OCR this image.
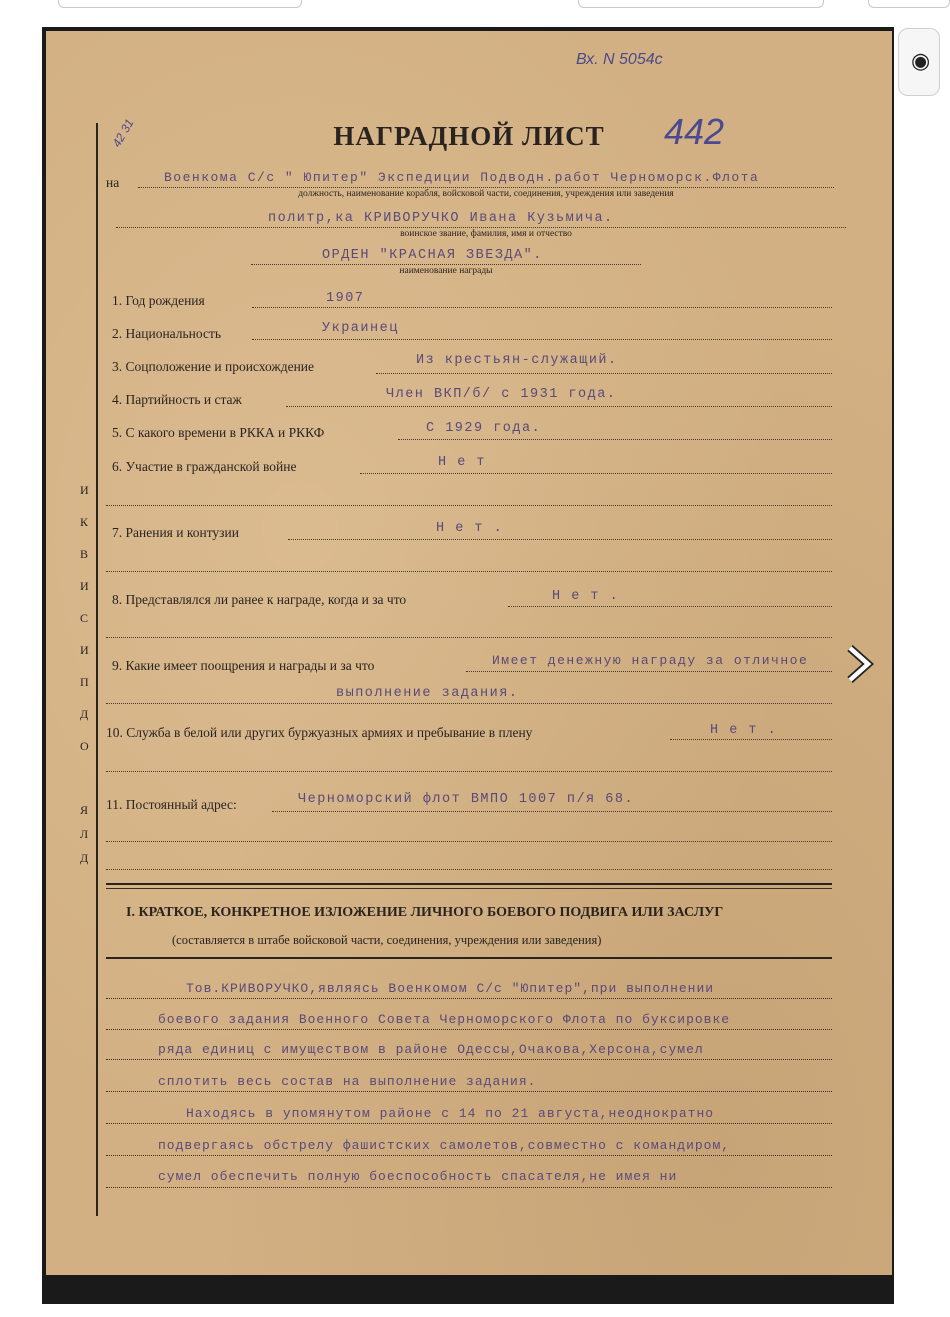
Вх. N 5054с
442
42 31
И
К
В
И
С
И
П
Д
О
Я
Л
Д
НАГРАДНОЙ ЛИСТ
на	Военкома С/с " Юпитер" Экспедиции Подводн.работ Черноморск.Флота
должность, наименование корабля, войсковой части, соединения, учреждения или заведения
политр,ка КРИВОРУЧКО Ивана Кузьмича.
воинское звание, фамилия, имя и отчество
ОРДЕН "КРАСНАЯ ЗВЕЗДА".
наименование награды
1. Год рождения	1907
2. Национальность	Украинец
3. Соцположение и происхождение	Из крестьян-служащий.
4. Партийность и стаж	Член ВКП/б/ с 1931 года.
5. С какого времени в РККА и РККФ	С 1929 года.
6. Участие в гражданской войне	Н е т
7. Ранения и контузии	Н е т .
8. Представлялся ли ранее к награде, когда и за что	Н е т .
9. Какие имеет поощрения и награды и за что	Имеет денежную награду за отличное
выполнение задания.
10. Служба в белой или других буржуазных армиях и пребывание в плену	Н е т .
11. Постоянный адрес:	Черноморский флот ВМПО 1007 п/я 68.
I. КРАТКОЕ, КОНКРЕТНОЕ ИЗЛОЖЕНИЕ ЛИЧНОГО БОЕВОГО ПОДВИГА ИЛИ ЗАСЛУГ
(составляется в штабе войсковой части, соединения, учреждения или заведения)
Тов.КРИВОРУЧКО,являясь Военкомом С/с "Юпитер",при выполнении
боевого задания Военного Совета Черноморского Флота по буксировке
ряда единиц с имуществом в районе Одессы,Очакова,Херсона,сумел
сплотить весь состав на выполнение задания.
Находясь в упомянутом районе с 14 по 21 августа,неоднократно
подвергаясь обстрелу фашистских самолетов,совместно с командиром,
сумел обеспечить полную боеспособность спасателя,не имея ни
◉
